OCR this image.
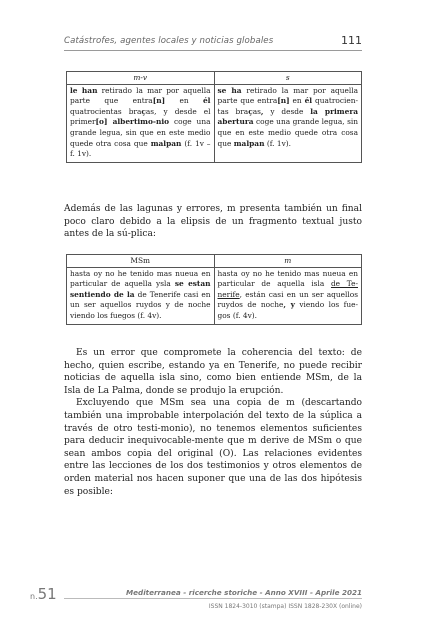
Catástrofes, agentes locales y noticias globales	111
m-v	s
le han retirado la mar por aquella parte que entra[n] en él quatrocientas braças, y desde el primer[o] albertimo-nio coge una grande legua, sin que en este medio quede otra cosa que malpan (f. 1v – f. 1v).	se ha retirado la mar por aquella parte que entra[n] en él quatrocien-tas braças, y desde la primera abertura coge una grande legua, sin que en este medio quede otra cosa que malpan (f. 1v).
Además de las lagunas y errores, m presenta también un final poco claro debido a la elipsis de un fragmento textual justo antes de la sú-plica:
MSm	m
hasta oy no he tenido mas nueua en particular de aquella ysla se estan sentiendo de la de Tenerife casi en un ser aquellos ruydos y de noche viendo los fuegos (f. 4v).	hasta oy no he tenido mas nueua en particular de aquella isla de Te-nerife, están casi en un ser aquellos ruydos de noche, y viendo los fue-gos (f. 4v).
Es un error que compromete la coherencia del texto: de hecho, quien escribe, estando ya en Tenerife, no puede recibir noticias de aquella isla sino, como bien entiende MSm, de la Isla de La Palma, donde se produjo la erupción.
Excluyendo que MSm sea una copia de m (descartando también una improbable interpolación del texto de la súplica a través de otro testi-monio), no tenemos elementos suficientes para deducir inequivocable-mente que m derive de MSm o que sean ambos copia del original (O). Las relaciones evidentes entre las lecciones de los dos testimonios y otros elementos de orden material nos hacen suponer que una de las dos hipótesis es posible:
n.51	Mediterranea - ricerche storiche - Anno XVIII - Aprile 2021
ISSN 1824-3010 (stampa) ISSN 1828-230X (online)
